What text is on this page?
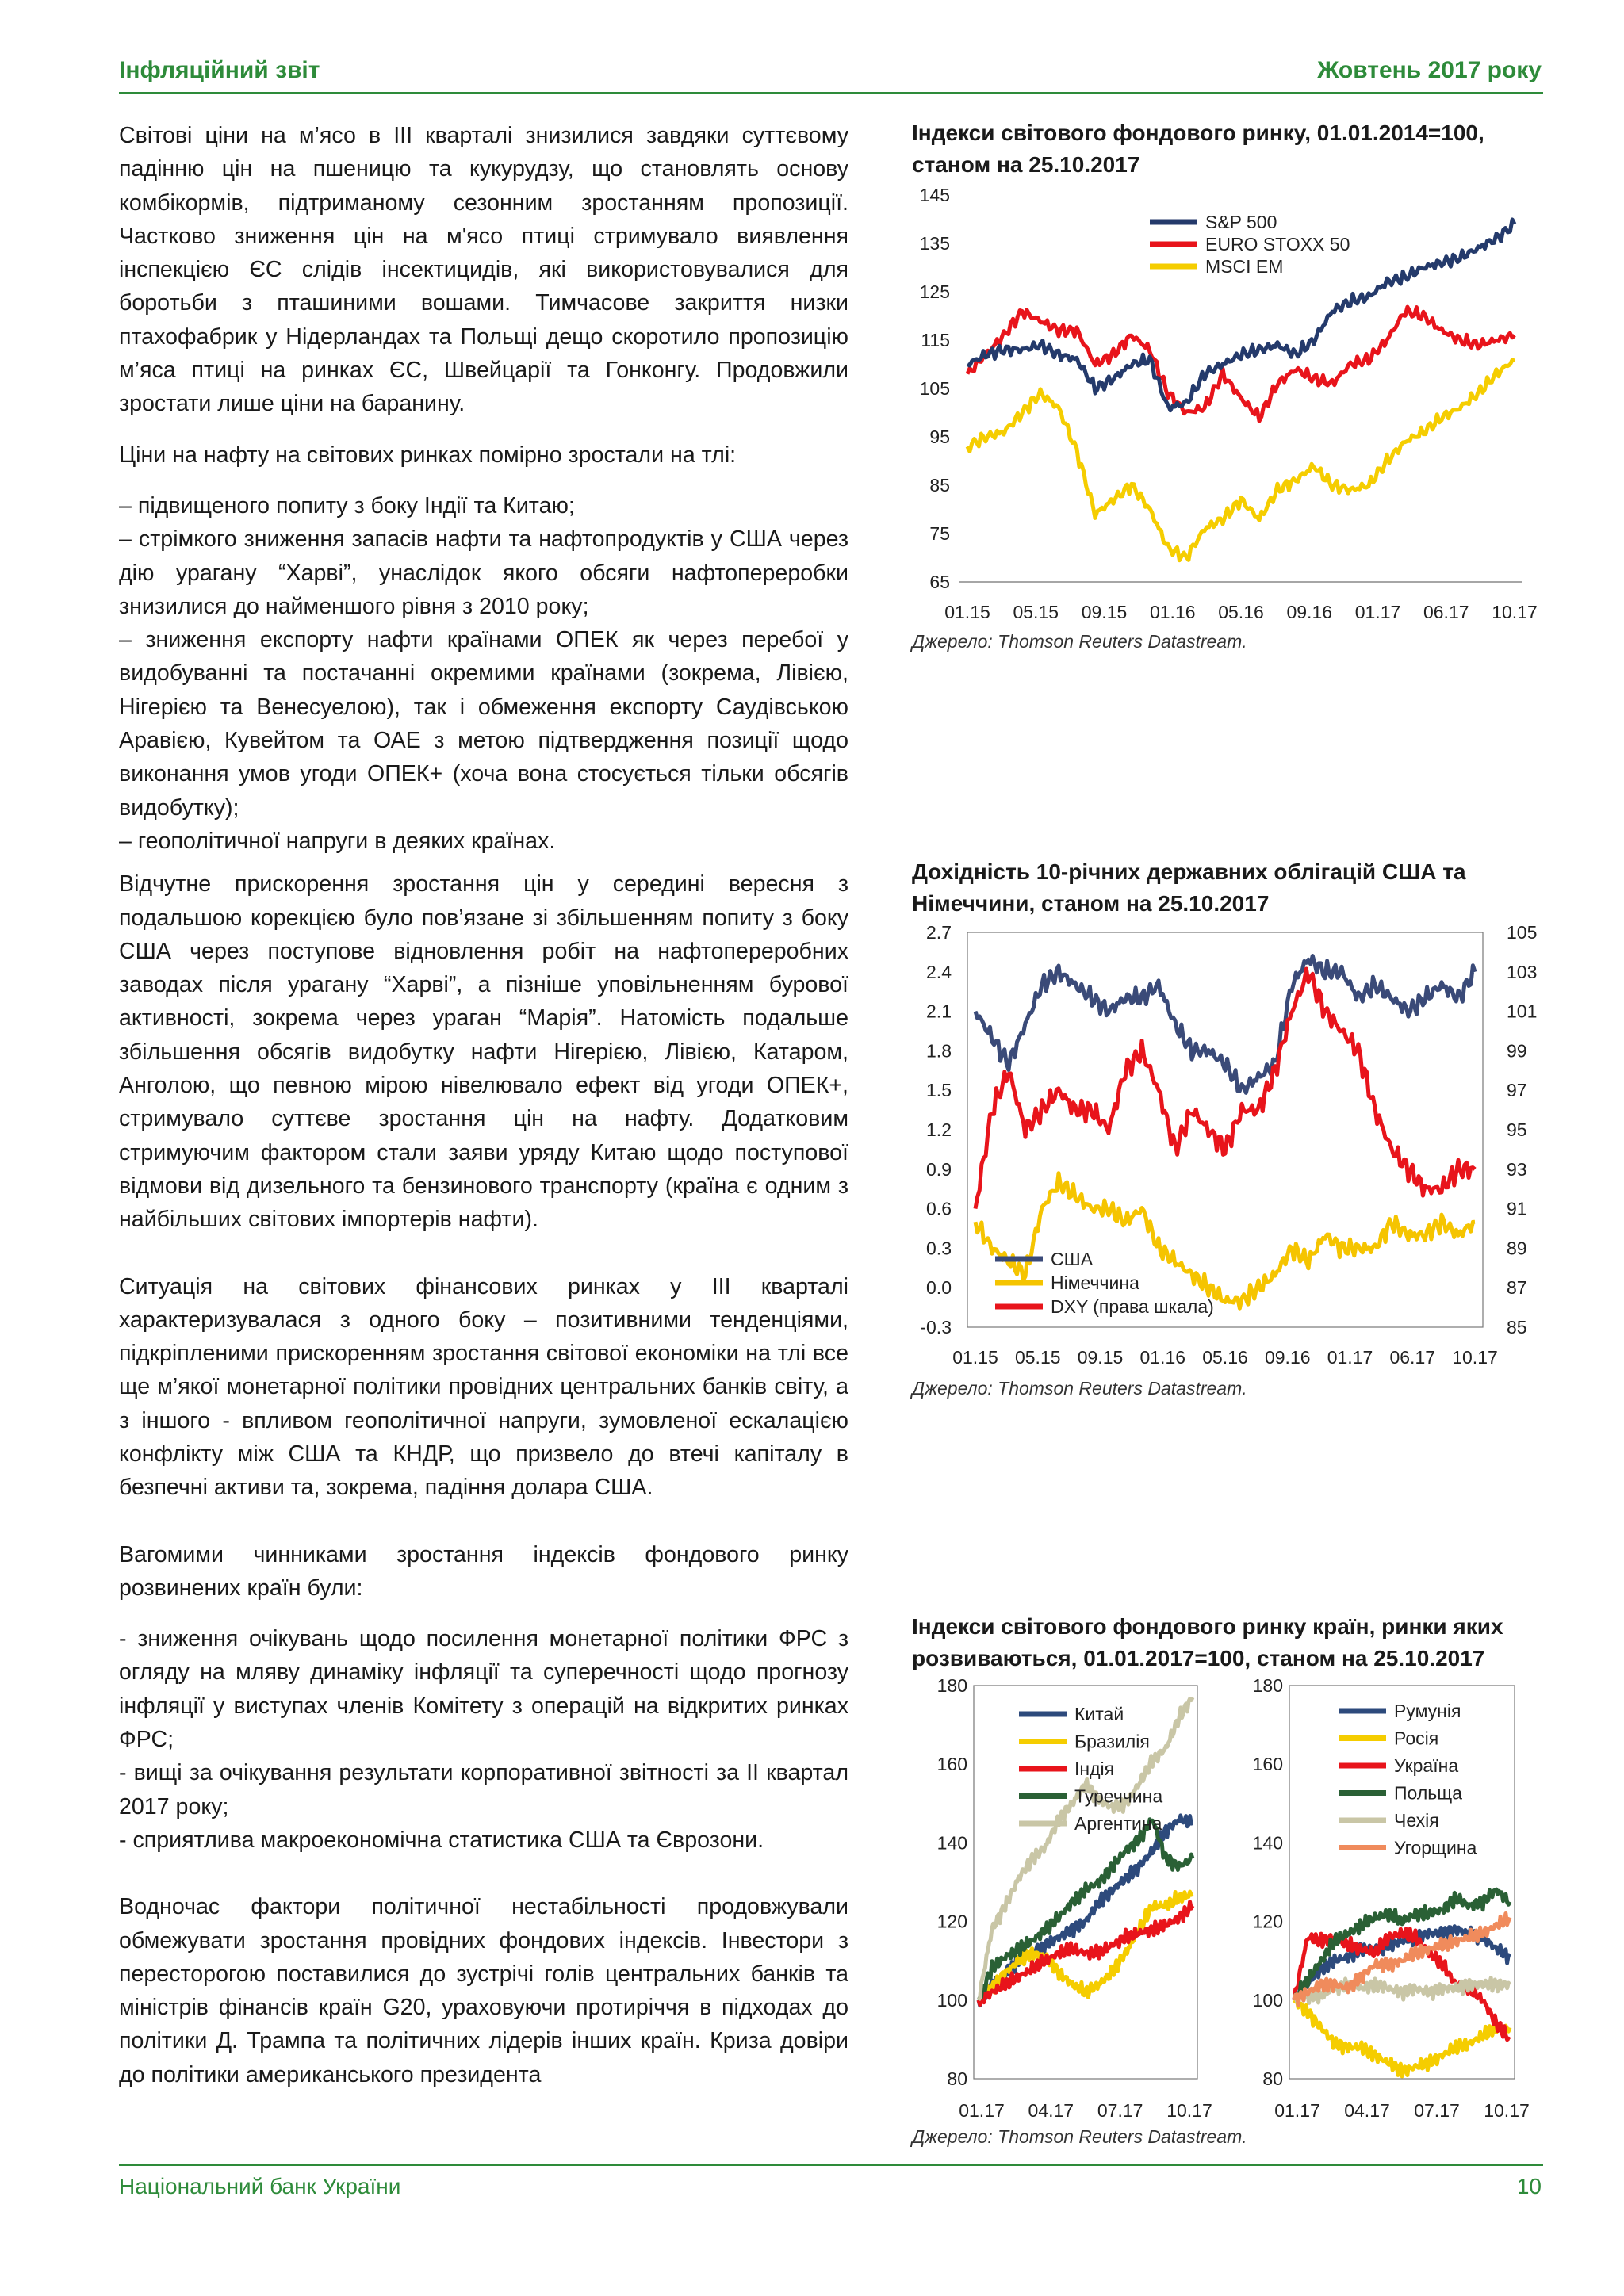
Інфляційний звіт	Жовтень 2017 року

Світові ціни на м’ясо в III кварталі знизилися завдяки суттєвому падінню цін на пшеницю та кукурудзу, що становлять основу комбікормів, підтриманому сезонним зростанням пропозиції. Частково зниження цін на м'ясо птиці стримувало виявлення інспекцією ЄС слідів інсектицидів, які використовувалися для боротьби з пташиними вошами. Тимчасове закриття низки птахофабрик у Нідерландах та Польщі дещо скоротило пропозицію м’яса птиці на ринках ЄС, Швейцарії та Гонконгу. Продовжили зростати лише ціни на баранину.

Ціни на нафту на світових ринках помірно зростали на тлі:

– підвищеного попиту з боку Індії та Китаю;

– стрімкого зниження запасів нафти та нафтопродуктів у США через дію урагану “Харві”, унаслідок якого обсяги нафтопереробки знизилися до найменшого рівня з 2010 року;

– зниження експорту нафти країнами ОПЕК як через перебої у видобуванні та постачанні окремими країнами (зокрема, Лівією, Нігерією та Венесуелою), так і обмеження експорту Саудівською Аравією, Кувейтом та ОАЕ з метою підтвердження позиції щодо виконання умов угоди ОПЕК+ (хоча вона стосується тільки обсягів видобутку);

– геополітичної напруги в деяких країнах.

Відчутне прискорення зростання цін у середині вересня з подальшою корекцією було пов’язане зі збільшенням попиту з боку США через поступове відновлення робіт на нафтопереробних заводах після урагану “Харві”, а пізніше уповільненням бурової активності, зокрема через ураган “Марія”. Натомість подальше збільшення обсягів видобутку нафти Нігерією, Лівією, Катаром, Анголою, що певною мірою нівелювало ефект від угоди ОПЕК+, стримувало суттєве зростання цін на нафту. Додатковим стримуючим фактором стали заяви уряду Китаю щодо поступової відмови від дизельного та бензинового транспорту (країна є одним з найбільших світових імпортерів нафти).

Ситуація на світових фінансових ринках у III кварталі характеризувалася з одного боку – позитивними тенденціями, підкріпленими прискоренням зростання світової економіки на тлі все ще м’якої монетарної політики провідних центральних банків світу, а з іншого - впливом геополітичної напруги, зумовленої ескалацією конфлікту між США та КНДР, що призвело до втечі капіталу в безпечні активи та, зокрема, падіння долара США.

Вагомими чинниками зростання індексів фондового ринку розвинених країн були:

- зниження очікувань щодо посилення монетарної політики ФРС з огляду на мляву динаміку інфляції та суперечності щодо прогнозу інфляції у виступах членів Комітету з операцій на відкритих ринках ФРС;

- вищі за очікування результати корпоративної звітності за II квартал 2017 року;

- сприятлива макроекономічна статистика США та Єврозони.

Водночас фактори політичної нестабільності продовжували обмежувати зростання провідних фондових індексів. Інвестори з пересторогою поставилися до зустрічі голів центральних банків та міністрів фінансів країн G20, ураховуючи протиріччя в підходах до політики Д. Трампа та політичних лідерів інших країн. Криза довіри до політики американського президента

Індекси світового фондового ринку, 01.01.2014=100, станом на 25.10.2017
65
75
85
95
105
115
125
135
145
01.15 05.15 09.15 01.16 05.16 09.16 01.17 06.17 10.17
S&P 500
EURO STOXX 50
MSCI EM
Джерело: Thomson Reuters Datastream.
Дохідність 10-річних державних облігацій США та Німеччини, станом на 25.10.2017
-0.3
0.0
0.3
0.6
0.9
1.2
1.5
1.8
2.1
2.4
2.7
85
87
89
91
93
95
97
99
101
103
105
01.15 05.15 09.15 01.16 05.16 09.16 01.17 06.17 10.17
США
Німеччина
DXY (права шкала)
Джерело: Thomson Reuters Datastream.
Індекси світового фондового ринку країн, ринки яких розвиваються, 01.01.2017=100, станом на 25.10.2017
80
100
120
140
160
180
01.17 04.17 07.17 10.17
Китай
Бразилія
Індія
Туреччина
Аргентина
80
100
120
140
160
180
01.17 04.17 07.17 10.17
Румунія
Росія
Україна
Польща
Чехія
Угорщина
Джерело: Thomson Reuters Datastream.
Національний банк України	10
